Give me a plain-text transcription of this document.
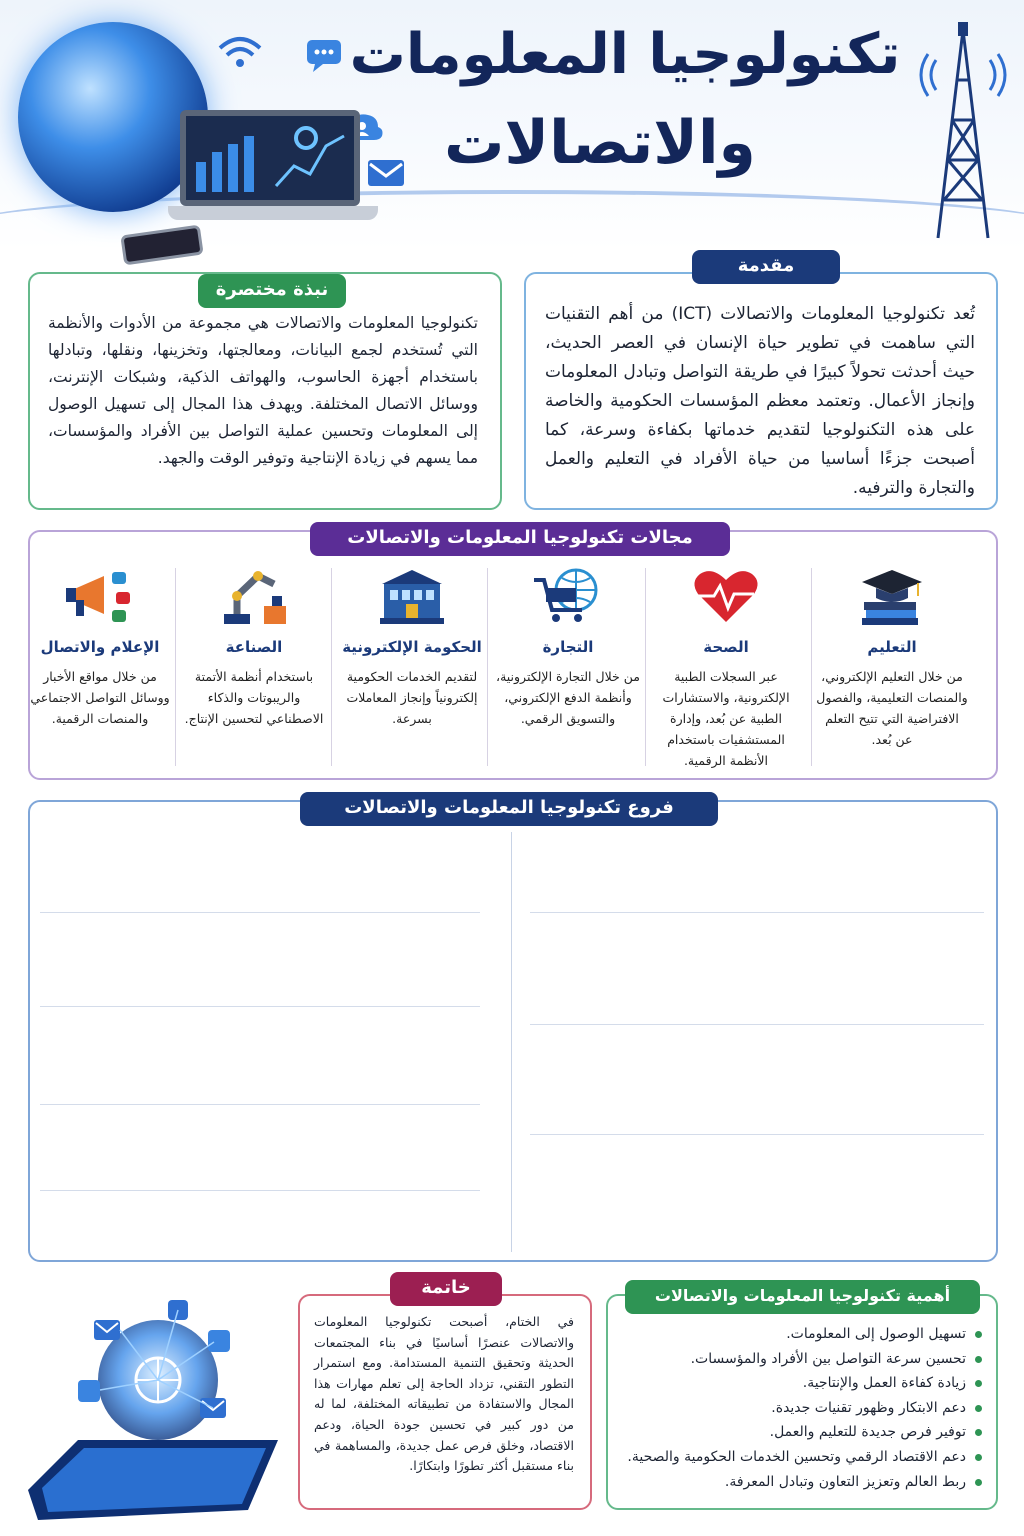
تكنولوجيا المعلومات
والاتصالات
مقدمة
تُعد تكنولوجيا المعلومات والاتصالات (ICT) من أهم التقنيات التي ساهمت في تطوير حياة الإنسان في العصر الحديث، حيث أحدثت تحولاً كبيرًا في طريقة التواصل وتبادل المعلومات وإنجاز الأعمال. وتعتمد معظم المؤسسات الحكومية والخاصة على هذه التكنولوجيا لتقديم خدماتها بكفاءة وسرعة، كما أصبحت جزءًا أساسيا من حياة الأفراد في التعليم والعمل والتجارة والترفيه.
نبذة مختصرة
تكنولوجيا المعلومات والاتصالات هي مجموعة من الأدوات والأنظمة التي تُستخدم لجمع البيانات، ومعالجتها، وتخزينها، ونقلها، وتبادلها باستخدام أجهزة الحاسوب، والهواتف الذكية، وشبكات الإنترنت، ووسائل الاتصال المختلفة. ويهدف هذا المجال إلى تسهيل الوصول إلى المعلومات وتحسين عملية التواصل بين الأفراد والمؤسسات، مما يسهم في زيادة الإنتاجية وتوفير الوقت والجهد.
مجالات تكنولوجيا المعلومات والاتصالات
التعليم
من خلال التعليم الإلكتروني، والمنصات التعليمية، والفصول الافتراضية التي تتيح التعلم عن بُعد.
الصحة
عبر السجلات الطبية الإلكترونية، والاستشارات الطبية عن بُعد، وإدارة المستشفيات باستخدام الأنظمة الرقمية.
التجارة
من خلال التجارة الإلكترونية، وأنظمة الدفع الإلكتروني، والتسويق الرقمي.
الحكومة الإلكترونية
لتقديم الخدمات الحكومية إلكترونياً وإنجاز المعاملات بسرعة.
الصناعة
باستخدام أنظمة الأتمتة والريبوتات والذكاء الاصطناعي لتحسين الإنتاج.
الإعلام والاتصال
من خلال مواقع الأخبار ووسائل التواصل الاجتماعي والمنصات الرقمية.
فروع تكنولوجيا المعلومات والاتصالات
أهمية تكنولوجيا المعلومات والاتصالات
تسهيل الوصول إلى المعلومات.
تحسين سرعة التواصل بين الأفراد والمؤسسات.
زيادة كفاءة العمل والإنتاجية.
دعم الابتكار وظهور تقنيات جديدة.
توفير فرص جديدة للتعليم والعمل.
دعم الاقتصاد الرقمي وتحسين الخدمات الحكومية والصحية.
ربط العالم وتعزيز التعاون وتبادل المعرفة.
خاتمة
في الختام، أصبحت تكنولوجيا المعلومات والاتصالات عنصرًا أساسيًا في بناء المجتمعات الحديثة وتحقيق التنمية المستدامة. ومع استمرار التطور التقني، تزداد الحاجة إلى تعلم مهارات هذا المجال والاستفادة من تطبيقاته المختلفة، لما له من دور كبير في تحسين جودة الحياة، ودعم الاقتصاد، وخلق فرص عمل جديدة، والمساهمة في بناء مستقبل أكثر تطورًا وابتكارًا.
